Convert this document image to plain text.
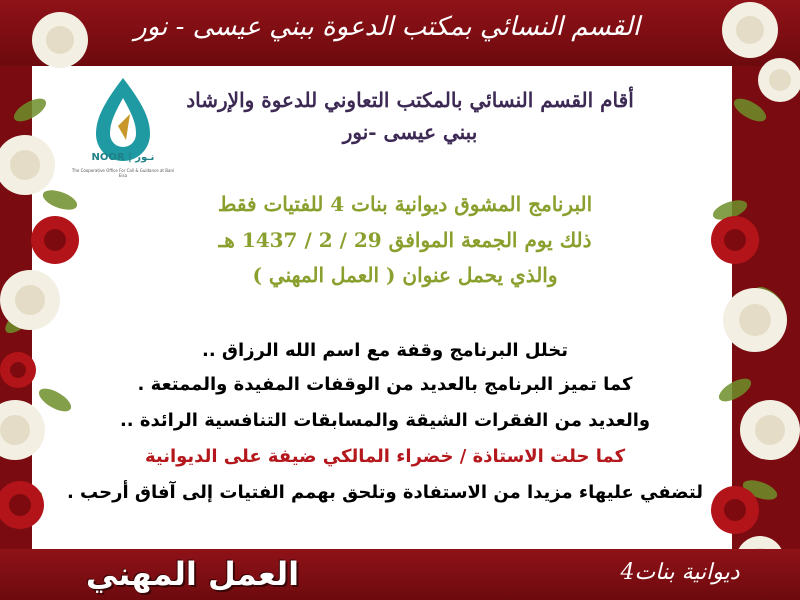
القسم النسائي بمكتب الدعوة ببني عيسى - نور
NOOR | نـور
The Cooperative Office For Call & Guidance at Bani Eisa
أقام القسم النسائي بالمكتب التعاوني للدعوة والإرشاد
ببني عيسى -نور
البرنامج المشوق ديوانية بنات 4 للفتيات فقط
ذلك يوم الجمعة الموافق 29 / 2 / 1437 هـ
والذي يحمل عنوان ( العمل المهني )
تخلل البرنامج وقفة مع اسم الله الرزاق ..
كما تميز البرنامج بالعديد من الوقفات المفيدة والممتعة .
والعديد من الفقرات الشيقة والمسابقات التنافسية الرائدة ..
كما حلت الاستاذة / خضراء المالكي ضيفة على الديوانية
لتضفي عليهاء مزيدا من الاستفادة وتلحق بهمم الفتيات إلى آفاق أرحب .
العمل المهني	ديوانية بنات4
